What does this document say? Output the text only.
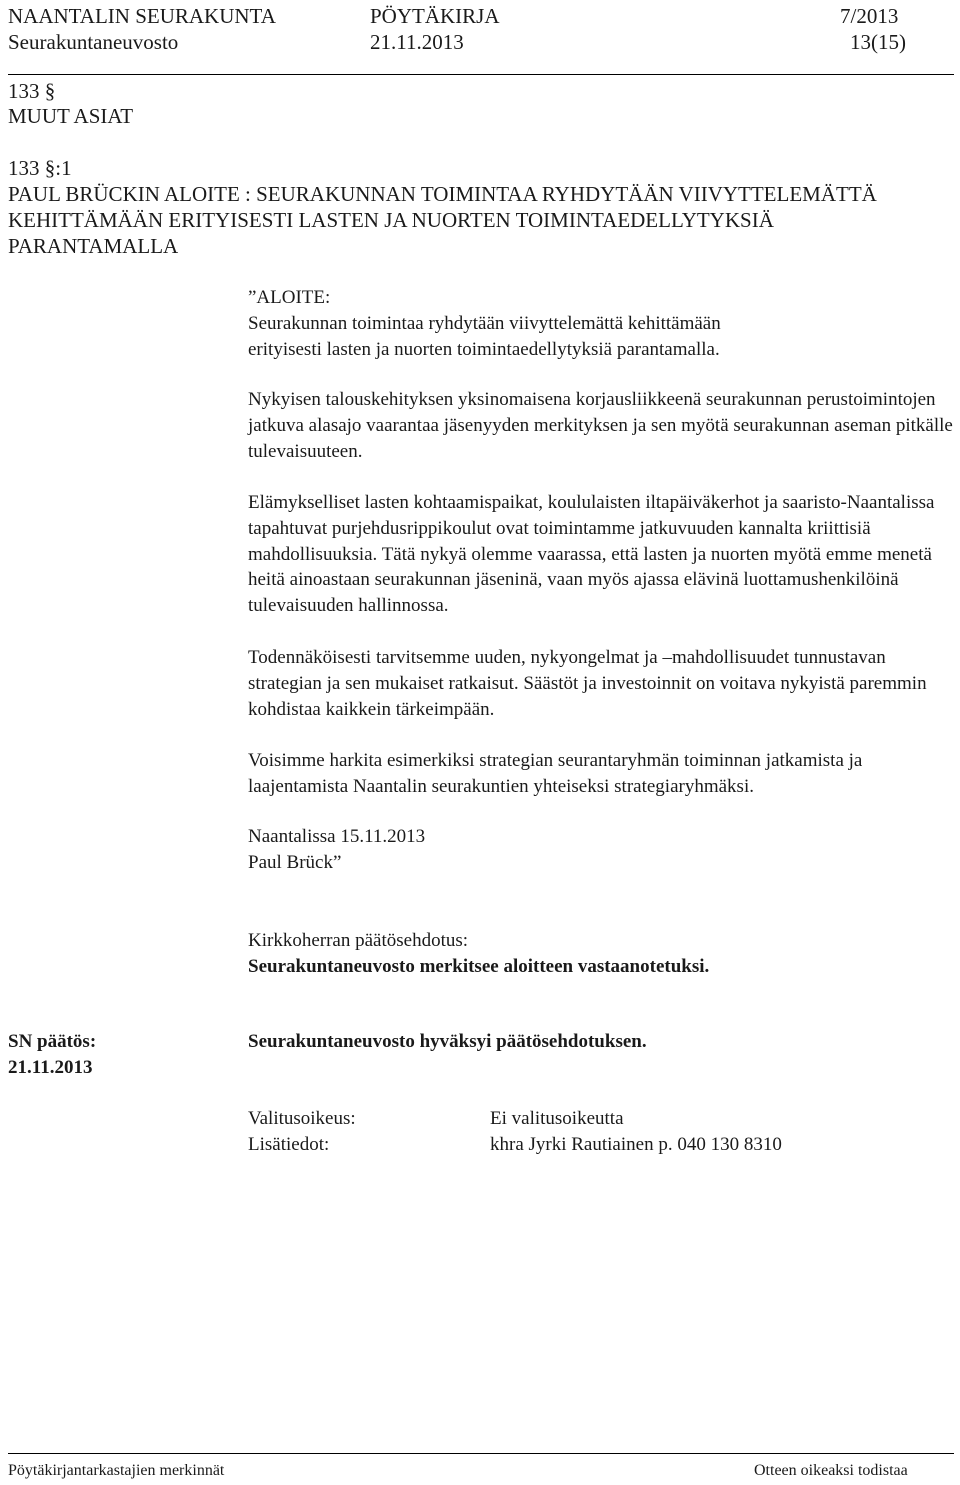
NAANTALIN SEURAKUNTA	PÖYTÄKIRJA	7/2013
Seurakuntaneuvosto	21.11.2013	13(15)
133 §
MUUT ASIAT
133 §:1
PAUL BRÜCKIN ALOITE : SEURAKUNNAN TOIMINTAA RYHDYTÄÄN VIIVYTTELEMÄTTÄ
KEHITTÄMÄÄN ERITYISESTI LASTEN JA NUORTEN TOIMINTAEDELLYTYKSIÄ
PARANTAMALLA
”ALOITE:
Seurakunnan toimintaa ryhdytään viivyttelemättä kehittämään
erityisesti lasten ja nuorten toimintaedellytyksiä parantamalla.
Nykyisen talouskehityksen yksinomaisena korjausliikkeenä seurakunnan perustoimintojen jatkuva alasajo vaarantaa jäsenyyden merkityksen ja sen myötä seurakunnan aseman pitkälle tulevaisuuteen.
Elämykselliset lasten kohtaamispaikat, koululaisten iltapäiväkerhot ja saaristo-Naantalissa tapahtuvat purjehdusrippikoulut ovat toimintamme jatkuvuuden kannalta kriittisiä mahdollisuuksia. Tätä nykyä olemme vaarassa, että lasten ja nuorten myötä emme menetä heitä ainoastaan seurakunnan jäseninä, vaan myös ajassa elävinä luottamushenkilöinä tulevaisuuden hallinnossa.
Todennäköisesti tarvitsemme uuden, nykyongelmat ja –mahdollisuudet tunnustavan strategian ja sen mukaiset ratkaisut. Säästöt ja investoinnit on voitava nykyistä paremmin kohdistaa kaikkein tärkeimpään.
Voisimme harkita esimerkiksi strategian seurantaryhmän toiminnan jatkamista ja laajentamista Naantalin seurakuntien yhteiseksi strategiaryhmäksi.
Naantalissa 15.11.2013
Paul Brück”
Kirkkoherran päätösehdotus:
Seurakuntaneuvosto merkitsee aloitteen vastaanotetuksi.
SN päätös:
21.11.2013
Seurakuntaneuvosto hyväksyi päätösehdotuksen.
Valitusoikeus:	Ei valitusoikeutta
Lisätiedot:	khra Jyrki Rautiainen p. 040 130 8310
Pöytäkirjantarkastajien merkinnät	Otteen oikeaksi todistaa
